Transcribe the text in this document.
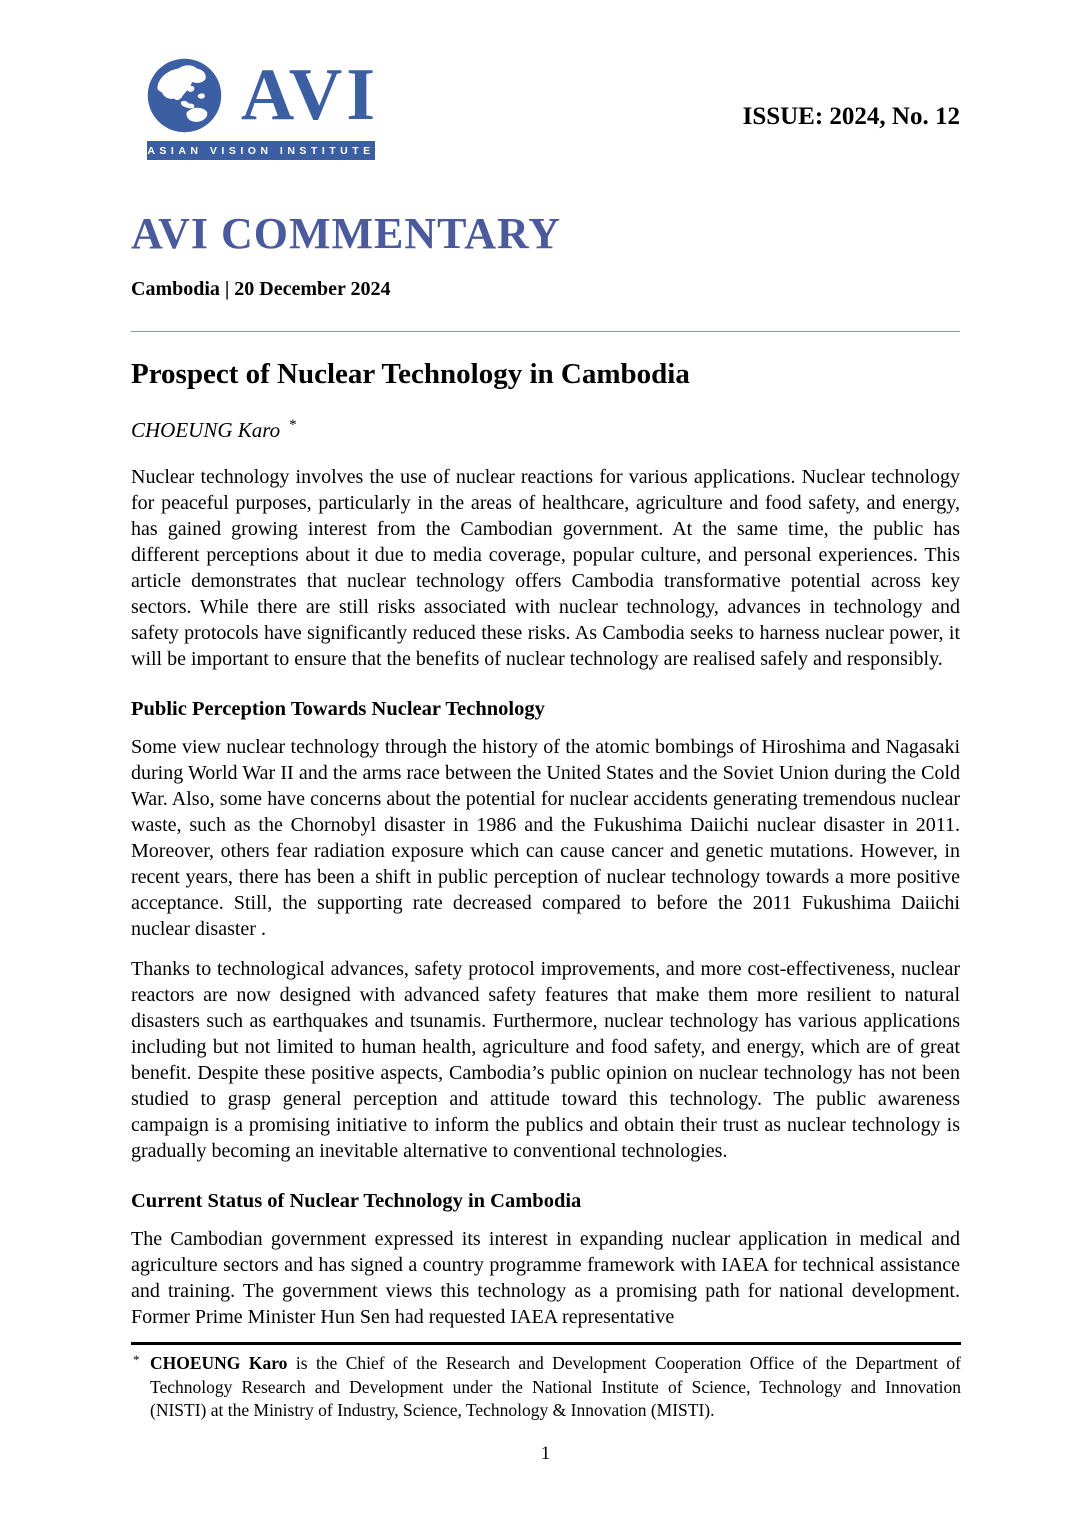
AVI
ASIAN VISION INSTITUTE
ISSUE: 2024, No. 12
AVI COMMENTARY
Cambodia | 20 December 2024
Prospect of Nuclear Technology in Cambodia
CHOEUNG Karo *

Nuclear technology involves the use of nuclear reactions for various applications. Nuclear technology for peaceful purposes, particularly in the areas of healthcare, agriculture and food safety, and energy, has gained growing interest from the Cambodian government. At the same time, the public has different perceptions about it due to media coverage, popular culture, and personal experiences. This article demonstrates that nuclear technology offers Cambodia transformative potential across key sectors. While there are still risks associated with nuclear technology, advances in technology and safety protocols have significantly reduced these risks. As Cambodia seeks to harness nuclear power, it will be important to ensure that the benefits of nuclear technology are realised safely and responsibly.

Public Perception Towards Nuclear Technology

Some view nuclear technology through the history of the atomic bombings of Hiroshima and Nagasaki during World War II and the arms race between the United States and the Soviet Union during the Cold War. Also, some have concerns about the potential for nuclear accidents generating tremendous nuclear waste, such as the Chornobyl disaster in 1986 and the Fukushima Daiichi nuclear disaster in 2011. Moreover, others fear radiation exposure which can cause cancer and genetic mutations. However, in recent years, there has been a shift in public perception of nuclear technology towards a more positive acceptance. Still, the supporting rate decreased compared to before the 2011 Fukushima Daiichi nuclear disaster .

Thanks to technological advances, safety protocol improvements, and more cost-effectiveness, nuclear reactors are now designed with advanced safety features that make them more resilient to natural disasters such as earthquakes and tsunamis. Furthermore, nuclear technology has various applications including but not limited to human health, agriculture and food safety, and energy, which are of great benefit. Despite these positive aspects, Cambodia’s public opinion on nuclear technology has not been studied to grasp general perception and attitude toward this technology. The public awareness campaign is a promising initiative to inform the publics and obtain their trust as nuclear technology is gradually becoming an inevitable alternative to conventional technologies.

Current Status of Nuclear Technology in Cambodia

The Cambodian government expressed its interest in expanding nuclear application in medical and agriculture sectors and has signed a country programme framework with IAEA for technical assistance and training. The government views this technology as a promising path for national development. Former Prime Minister Hun Sen had requested IAEA representative

* CHOEUNG Karo is the Chief of the Research and Development Cooperation Office of the Department of Technology Research and Development under the National Institute of Science, Technology and Innovation (NISTI) at the Ministry of Industry, Science, Technology & Innovation (MISTI).
1
